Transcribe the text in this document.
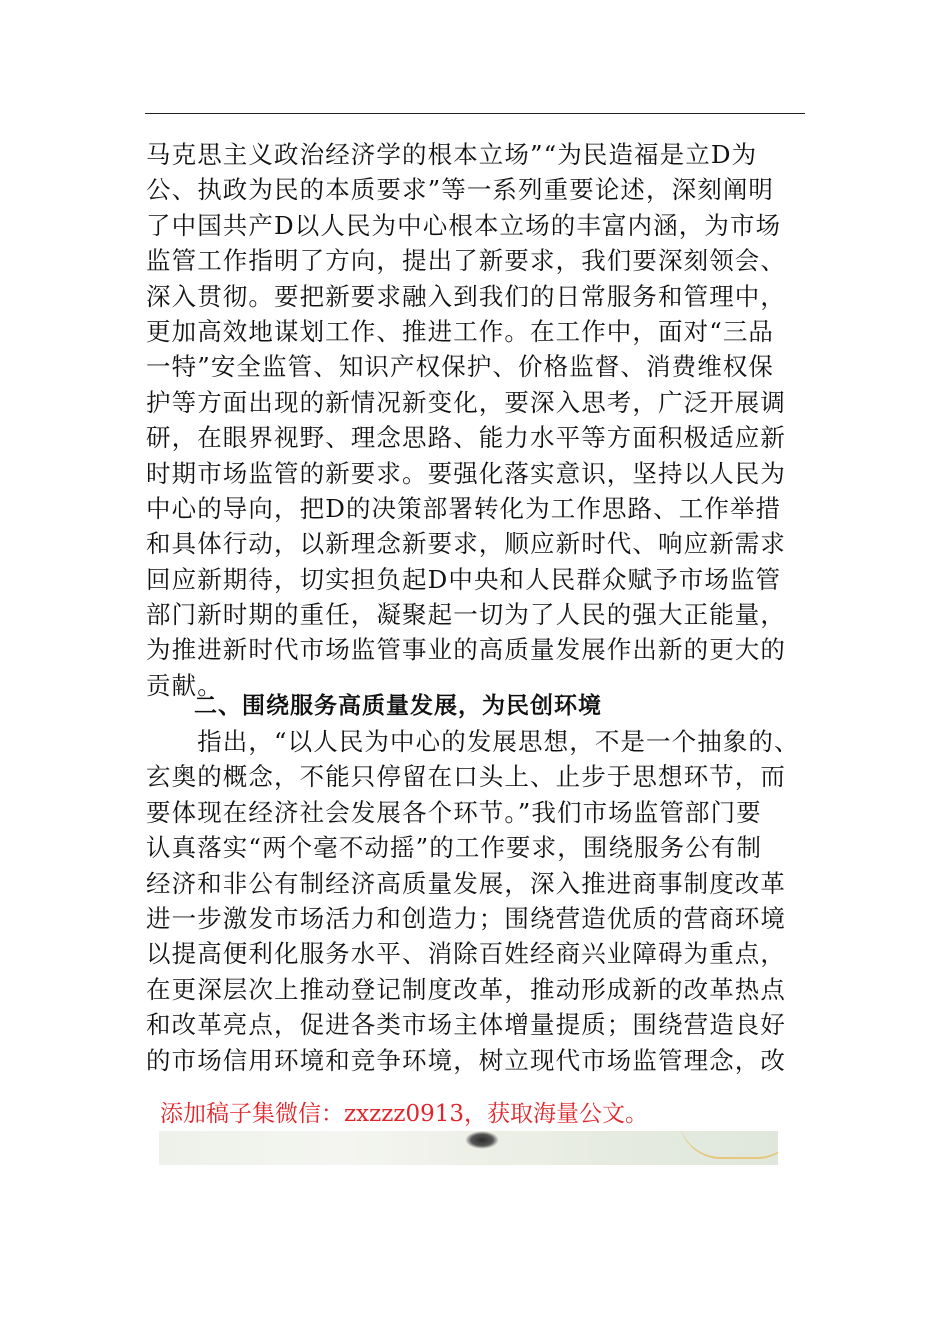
马克思主义政治经济学的根本立场”“为民造福是立D为
公、执政为民的本质要求”等一系列重要论述，深刻阐明
了中国共产D以人民为中心根本立场的丰富内涵，为市场
监管工作指明了方向，提出了新要求，我们要深刻领会、
深入贯彻。要把新要求融入到我们的日常服务和管理中，
更加高效地谋划工作、推进工作。在工作中，面对“三品
一特”安全监管、知识产权保护、价格监督、消费维权保
护等方面出现的新情况新变化，要深入思考，广泛开展调
研，在眼界视野、理念思路、能力水平等方面积极适应新
时期市场监管的新要求。要强化落实意识，坚持以人民为
中心的导向，把D的决策部署转化为工作思路、工作举措
和具体行动，以新理念新要求，顺应新时代、响应新需求
回应新期待，切实担负起D中央和人民群众赋予市场监管
部门新时期的重任，凝聚起一切为了人民的强大正能量，
为推进新时代市场监管事业的高质量发展作出新的更大的
贡献。
二、围绕服务高质量发展，为民创环境
　　指出，“以人民为中心的发展思想，不是一个抽象的、
玄奥的概念，不能只停留在口头上、止步于思想环节，而
要体现在经济社会发展各个环节。”我们市场监管部门要
认真落实“两个毫不动摇”的工作要求，围绕服务公有制
经济和非公有制经济高质量发展，深入推进商事制度改革
进一步激发市场活力和创造力；围绕营造优质的营商环境
以提高便利化服务水平、消除百姓经商兴业障碍为重点，
在更深层次上推动登记制度改革，推动形成新的改革热点
和改革亮点，促进各类市场主体增量提质；围绕营造良好
的市场信用环境和竞争环境，树立现代市场监管理念，改
添加稿子集微信：zxzzz0913，获取海量公文。
